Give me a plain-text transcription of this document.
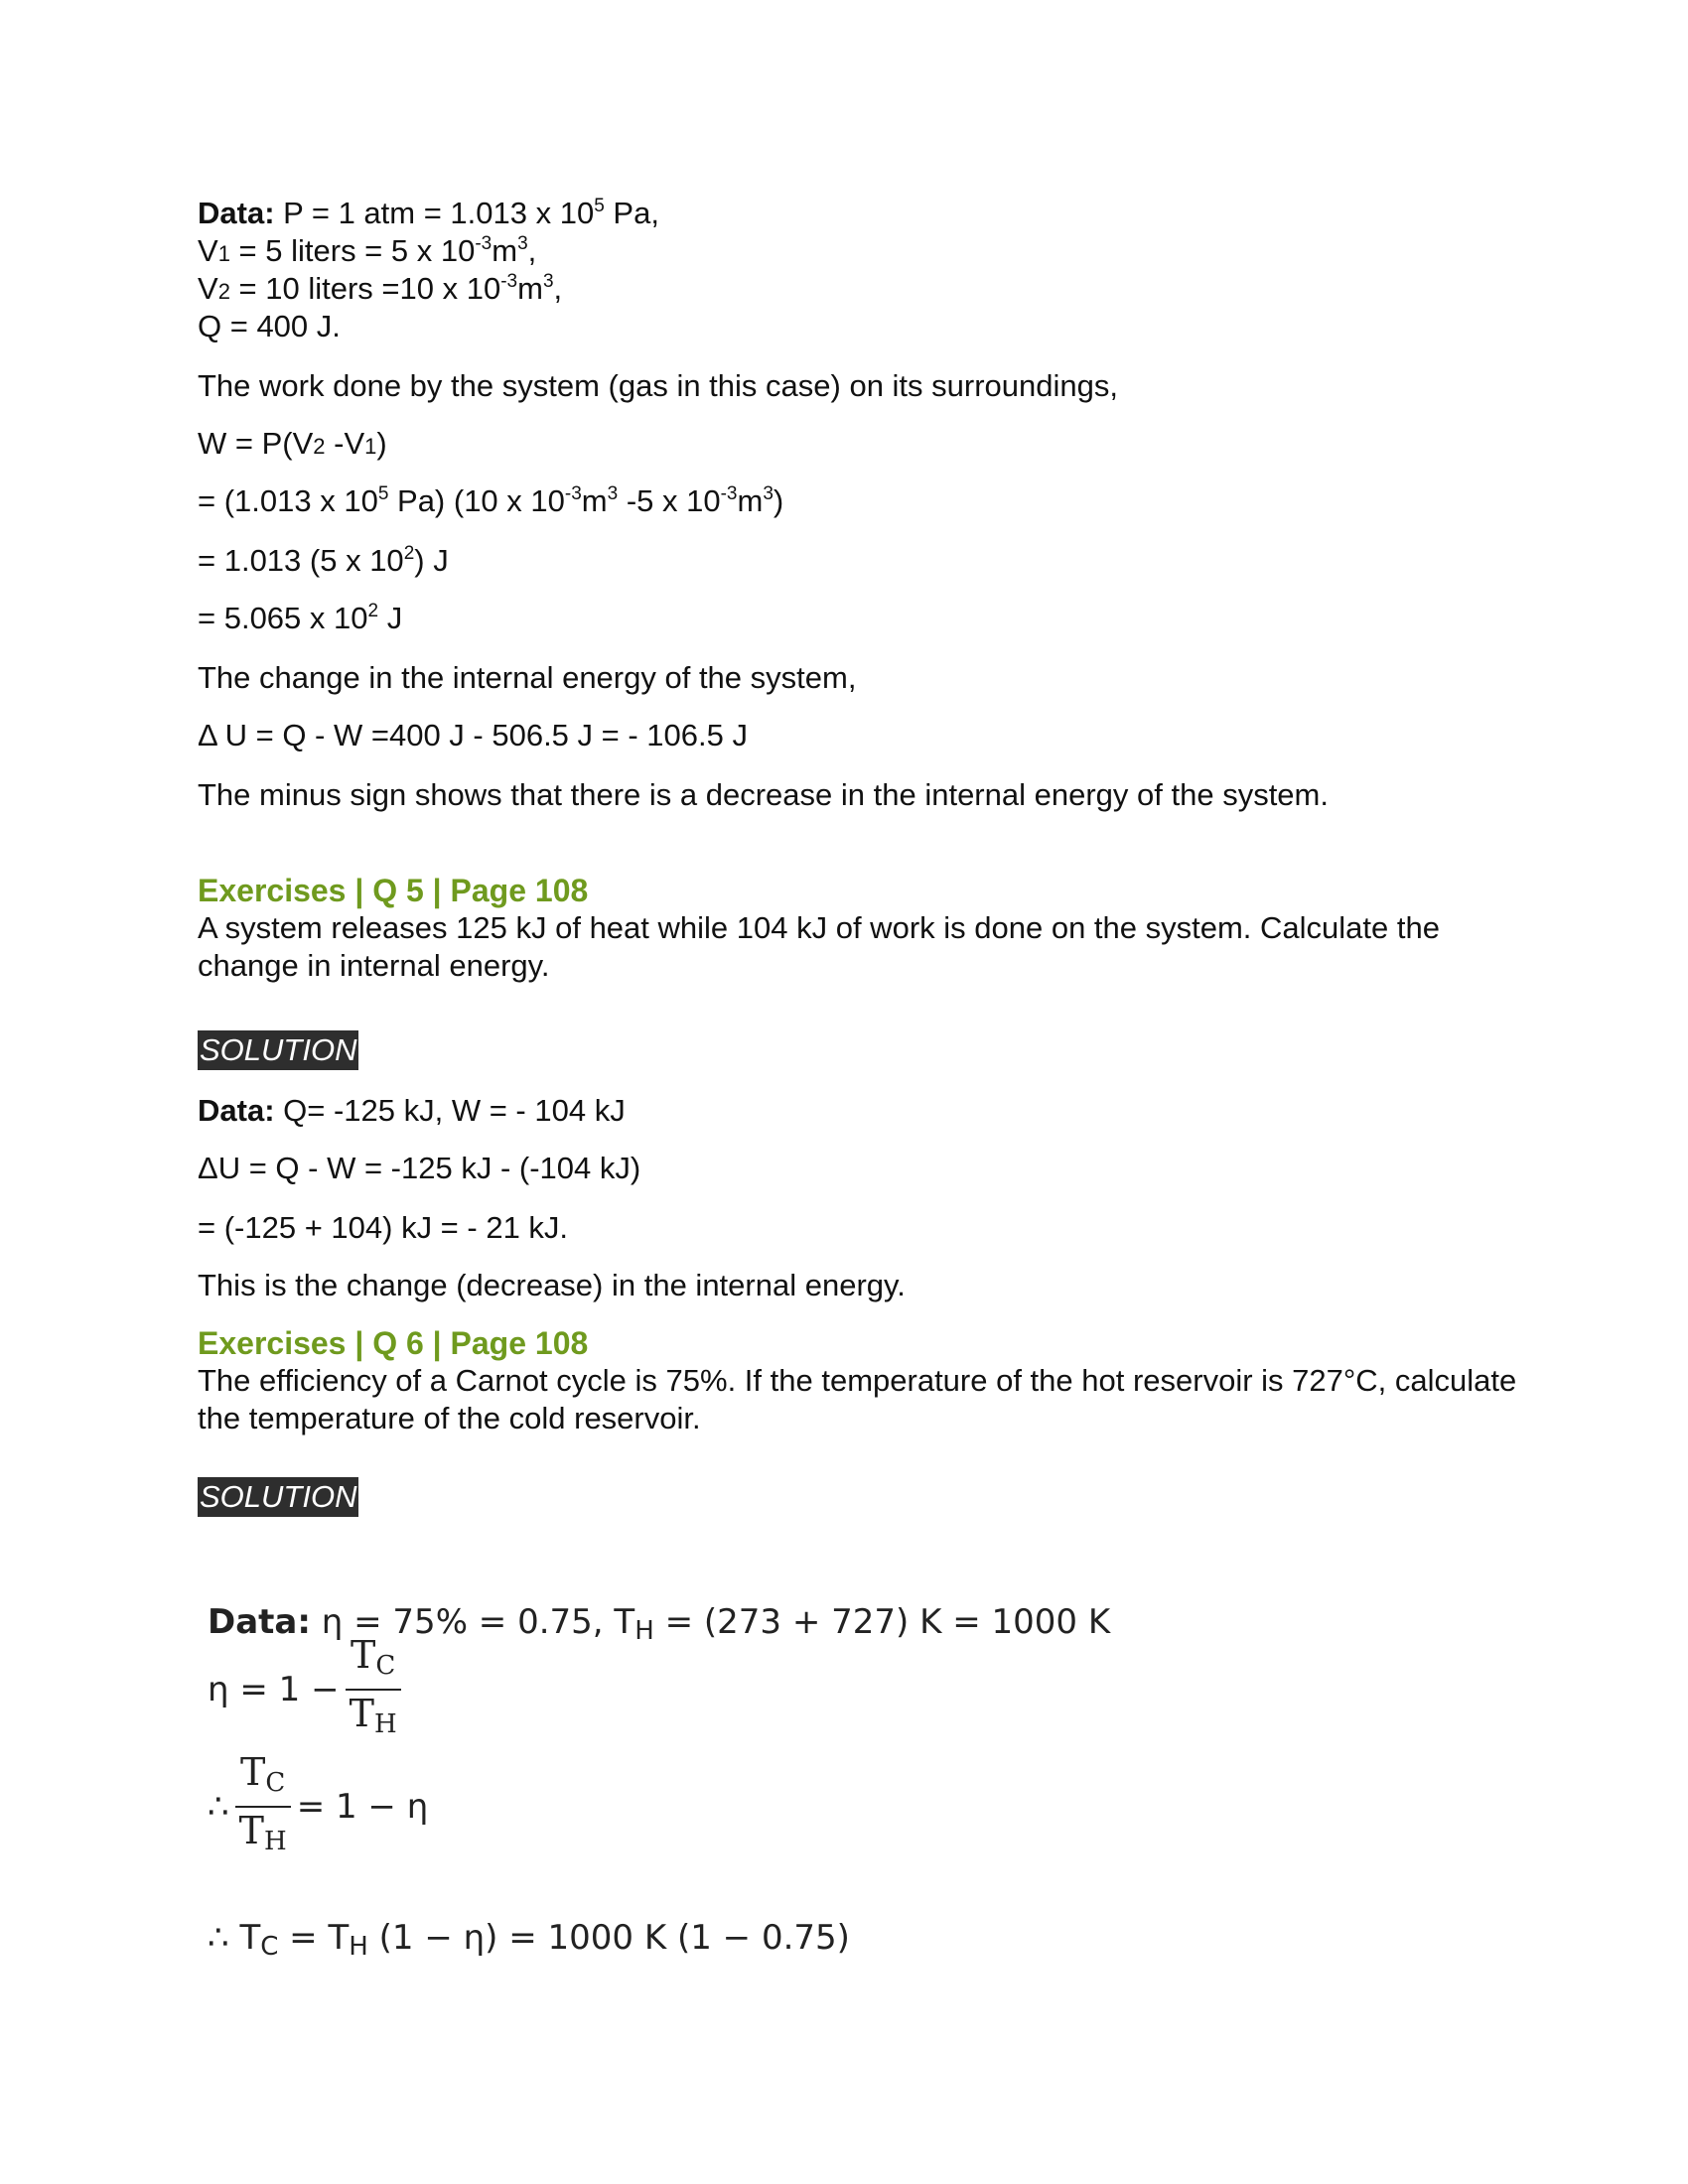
Data: P = 1 atm = 1.013 x $10^5$ Pa,

V1 = 5 liters = 5 x $10^{-3}m^3$,

V2 = 10 liters =10 x $10^{-3}m^3$,

Q = 400 J.

The work done by the system (gas in this case) on its surroundings,

W = P(V2 -V1)

= (1.013 x $10^5$ Pa) (10 x $10^{-3}m^3$ -5 x $10^{-3}m^3$)

= 1.013 (5 x $10^2$) J

= 5.065 x $10^2$ J

The change in the internal energy of the system,

Δ U = Q - W =400 J - 506.5 J = - 106.5 J

The minus sign shows that there is a decrease in the internal energy of the system.

Exercises | Q 5 | Page 108

A system releases 125 kJ of heat while 104 kJ of work is done on the system. Calculate the change in internal energy.

SOLUTION

Data: Q= -125 kJ, W = - 104 kJ

ΔU = Q - W = -125 kJ - (-104 kJ)

= (-125 + 104) kJ = - 21 kJ.

This is the change (decrease) in the internal energy.

Exercises | Q 6 | Page 108

The efficiency of a Carnot cycle is 75%. If the temperature of the hot reservoir is 727°C, calculate the temperature of the cold reservoir.

SOLUTION

Data: η = 75% = 0.75, TH = (273 + 727) K = 1000 K

$\eta = 1 - \frac{TC}{TH}$
∴ $\frac{TC}{TH} = 1 - \eta$

∴ TC = TH (1 − η) = 1000 K (1 − 0.75)
